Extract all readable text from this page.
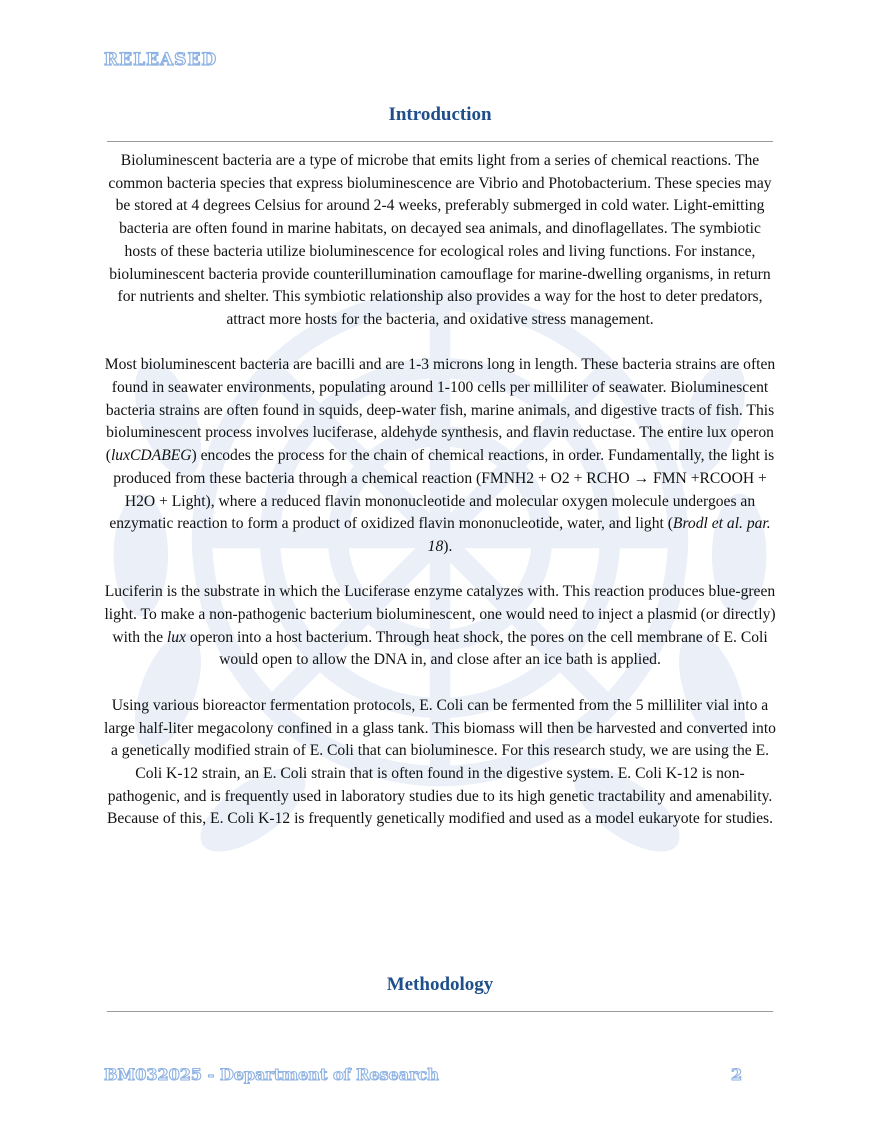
RELEASED
Introduction

Bioluminescent bacteria are a type of microbe that emits light from a series of chemical reactions. The common bacteria species that express bioluminescence are Vibrio and Photobacterium. These species may be stored at 4 degrees Celsius for around 2-4 weeks, preferably submerged in cold water. Light-emitting bacteria are often found in marine habitats, on decayed sea animals, and dinoflagellates. The symbiotic hosts of these bacteria utilize bioluminescence for ecological roles and living functions. For instance, bioluminescent bacteria provide counterillumination camouflage for marine-dwelling organisms, in return for nutrients and shelter. This symbiotic relationship also provides a way for the host to deter predators, attract more hosts for the bacteria, and oxidative stress management.

Most bioluminescent bacteria are bacilli and are 1-3 microns long in length. These bacteria strains are often found in seawater environments, populating around 1-100 cells per milliliter of seawater. Bioluminescent bacteria strains are often found in squids, deep-water fish, marine animals, and digestive tracts of fish. This bioluminescent process involves luciferase, aldehyde synthesis, and flavin reductase. The entire lux operon (luxCDABEG) encodes the process for the chain of chemical reactions, in order. Fundamentally, the light is produced from these bacteria through a chemical reaction (FMNH2 + O2 + RCHO → FMN +RCOOH + H2O + Light), where a reduced flavin mononucleotide and molecular oxygen molecule undergoes an enzymatic reaction to form a product of oxidized flavin mononucleotide, water, and light (Brodl et al. par. 18).

Luciferin is the substrate in which the Luciferase enzyme catalyzes with. This reaction produces blue-green light. To make a non-pathogenic bacterium bioluminescent, one would need to inject a plasmid (or directly) with the lux operon into a host bacterium. Through heat shock, the pores on the cell membrane of E. Coli would open to allow the DNA in, and close after an ice bath is applied.

Using various bioreactor fermentation protocols, E. Coli can be fermented from the 5 milliliter vial into a large half-liter megacolony confined in a glass tank. This biomass will then be harvested and converted into a genetically modified strain of E. Coli that can bioluminesce. For this research study, we are using the E. Coli K-12 strain, an E. Coli strain that is often found in the digestive system. E. Coli K-12 is non-pathogenic, and is frequently used in laboratory studies due to its high genetic tractability and amenability. Because of this, E. Coli K-12 is frequently genetically modified and used as a model eukaryote for studies.

Methodology
BM032025 - Department of Research	2
